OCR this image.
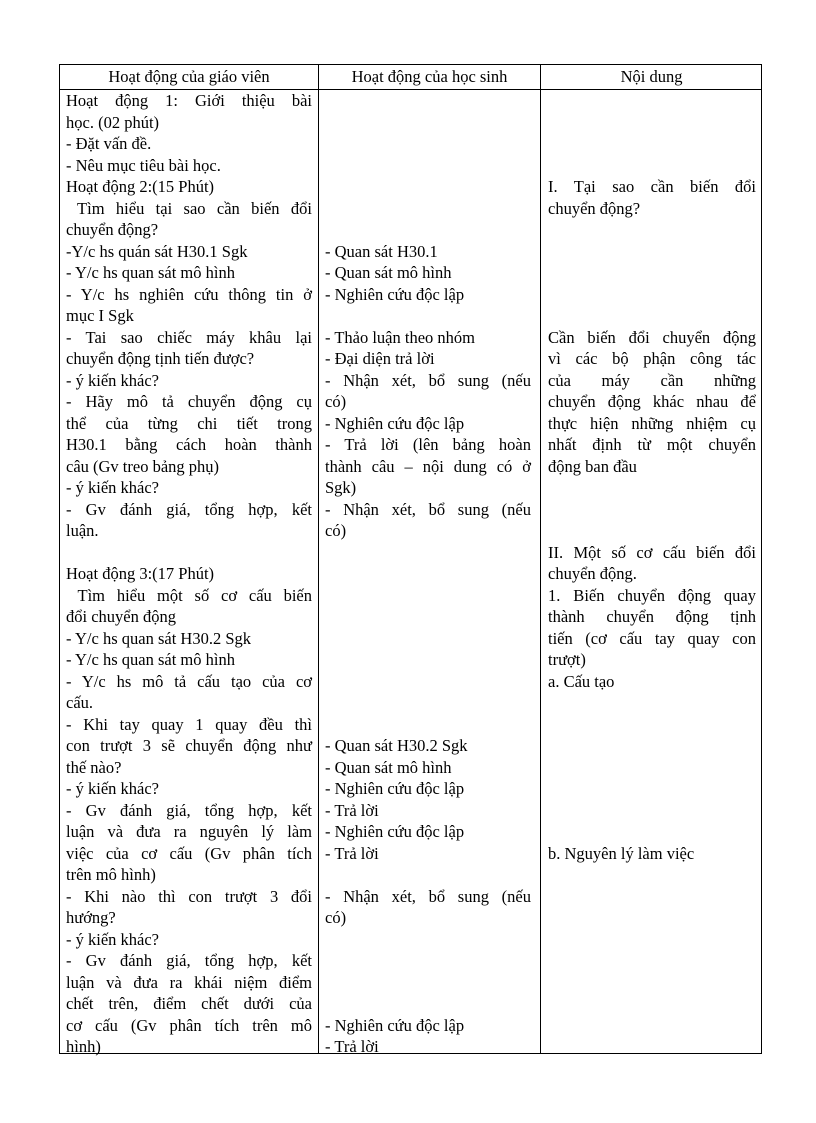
Hoạt động của giáo viên	Hoạt động của học sinh	Nội dung
Hoạt động 1: Giới thiệu bài
học. (02 phút)
- Đặt vấn đề.
- Nêu mục tiêu bài học.
Hoạt động 2:(15 Phút)
Tìm hiểu tại sao cần biến đổi
chuyển động?
-Y/c hs quán sát H30.1 Sgk
- Y/c hs quan sát mô hình
- Y/c hs nghiên cứu thông tin ở
mục I Sgk
- Tai sao chiếc máy khâu lại
chuyển động tịnh tiến được?
- ý kiến khác?
- Hãy mô tả chuyển động cụ
thể của từng chi tiết trong
H30.1 bằng cách hoàn thành
câu (Gv treo bảng phụ)
- ý kiến khác?
- Gv đánh giá, tổng hợp, kết
luận.
Hoạt động 3:(17 Phút)
Tìm hiểu một số cơ cấu biến
đổi chuyển động
- Y/c hs quan sát H30.2 Sgk
- Y/c hs quan sát mô hình
- Y/c hs mô tả cấu tạo của cơ
cấu.
- Khi tay quay 1 quay đều thì
con trượt 3 sẽ chuyển động như
thế nào?
- ý kiến khác?
- Gv đánh giá, tổng hợp, kết
luận và đưa ra nguyên lý làm
việc của cơ cấu (Gv phân tích
trên mô hình)
- Khi nào thì con trượt 3 đổi
hướng?
- ý kiến khác?
- Gv đánh giá, tổng hợp, kết
luận và đưa ra khái niệm điểm
chết trên, điểm chết dưới của
cơ cấu (Gv phân tích trên mô
hình)
- Quan sát H30.1
- Quan sát mô hình
- Nghiên cứu độc lập
- Thảo luận theo nhóm
- Đại diện trả lời
- Nhận xét, bổ sung (nếu
có)
- Nghiên cứu độc lập
- Trả lời (lên bảng hoàn
thành câu – nội dung có ở
Sgk)
- Nhận xét, bổ sung (nếu
có)
- Quan sát H30.2 Sgk
- Quan sát mô hình
- Nghiên cứu độc lập
- Trả lời
- Nghiên cứu độc lập
- Trả lời
- Nhận xét, bổ sung (nếu
có)
- Nghiên cứu độc lập
- Trả lời
I. Tại sao cần biến đổi
chuyển động?
Cần biến đổi chuyển động
vì các bộ phận công tác
của máy cần những
chuyển động khác nhau để
thực hiện những nhiệm cụ
nhất định từ một chuyển
động ban đầu
II. Một số cơ cấu biến đổi
chuyển động.
1. Biến chuyển động quay
thành chuyển động tịnh
tiến (cơ cấu tay quay con
trượt)
a. Cấu tạo
b. Nguyên lý làm việc
